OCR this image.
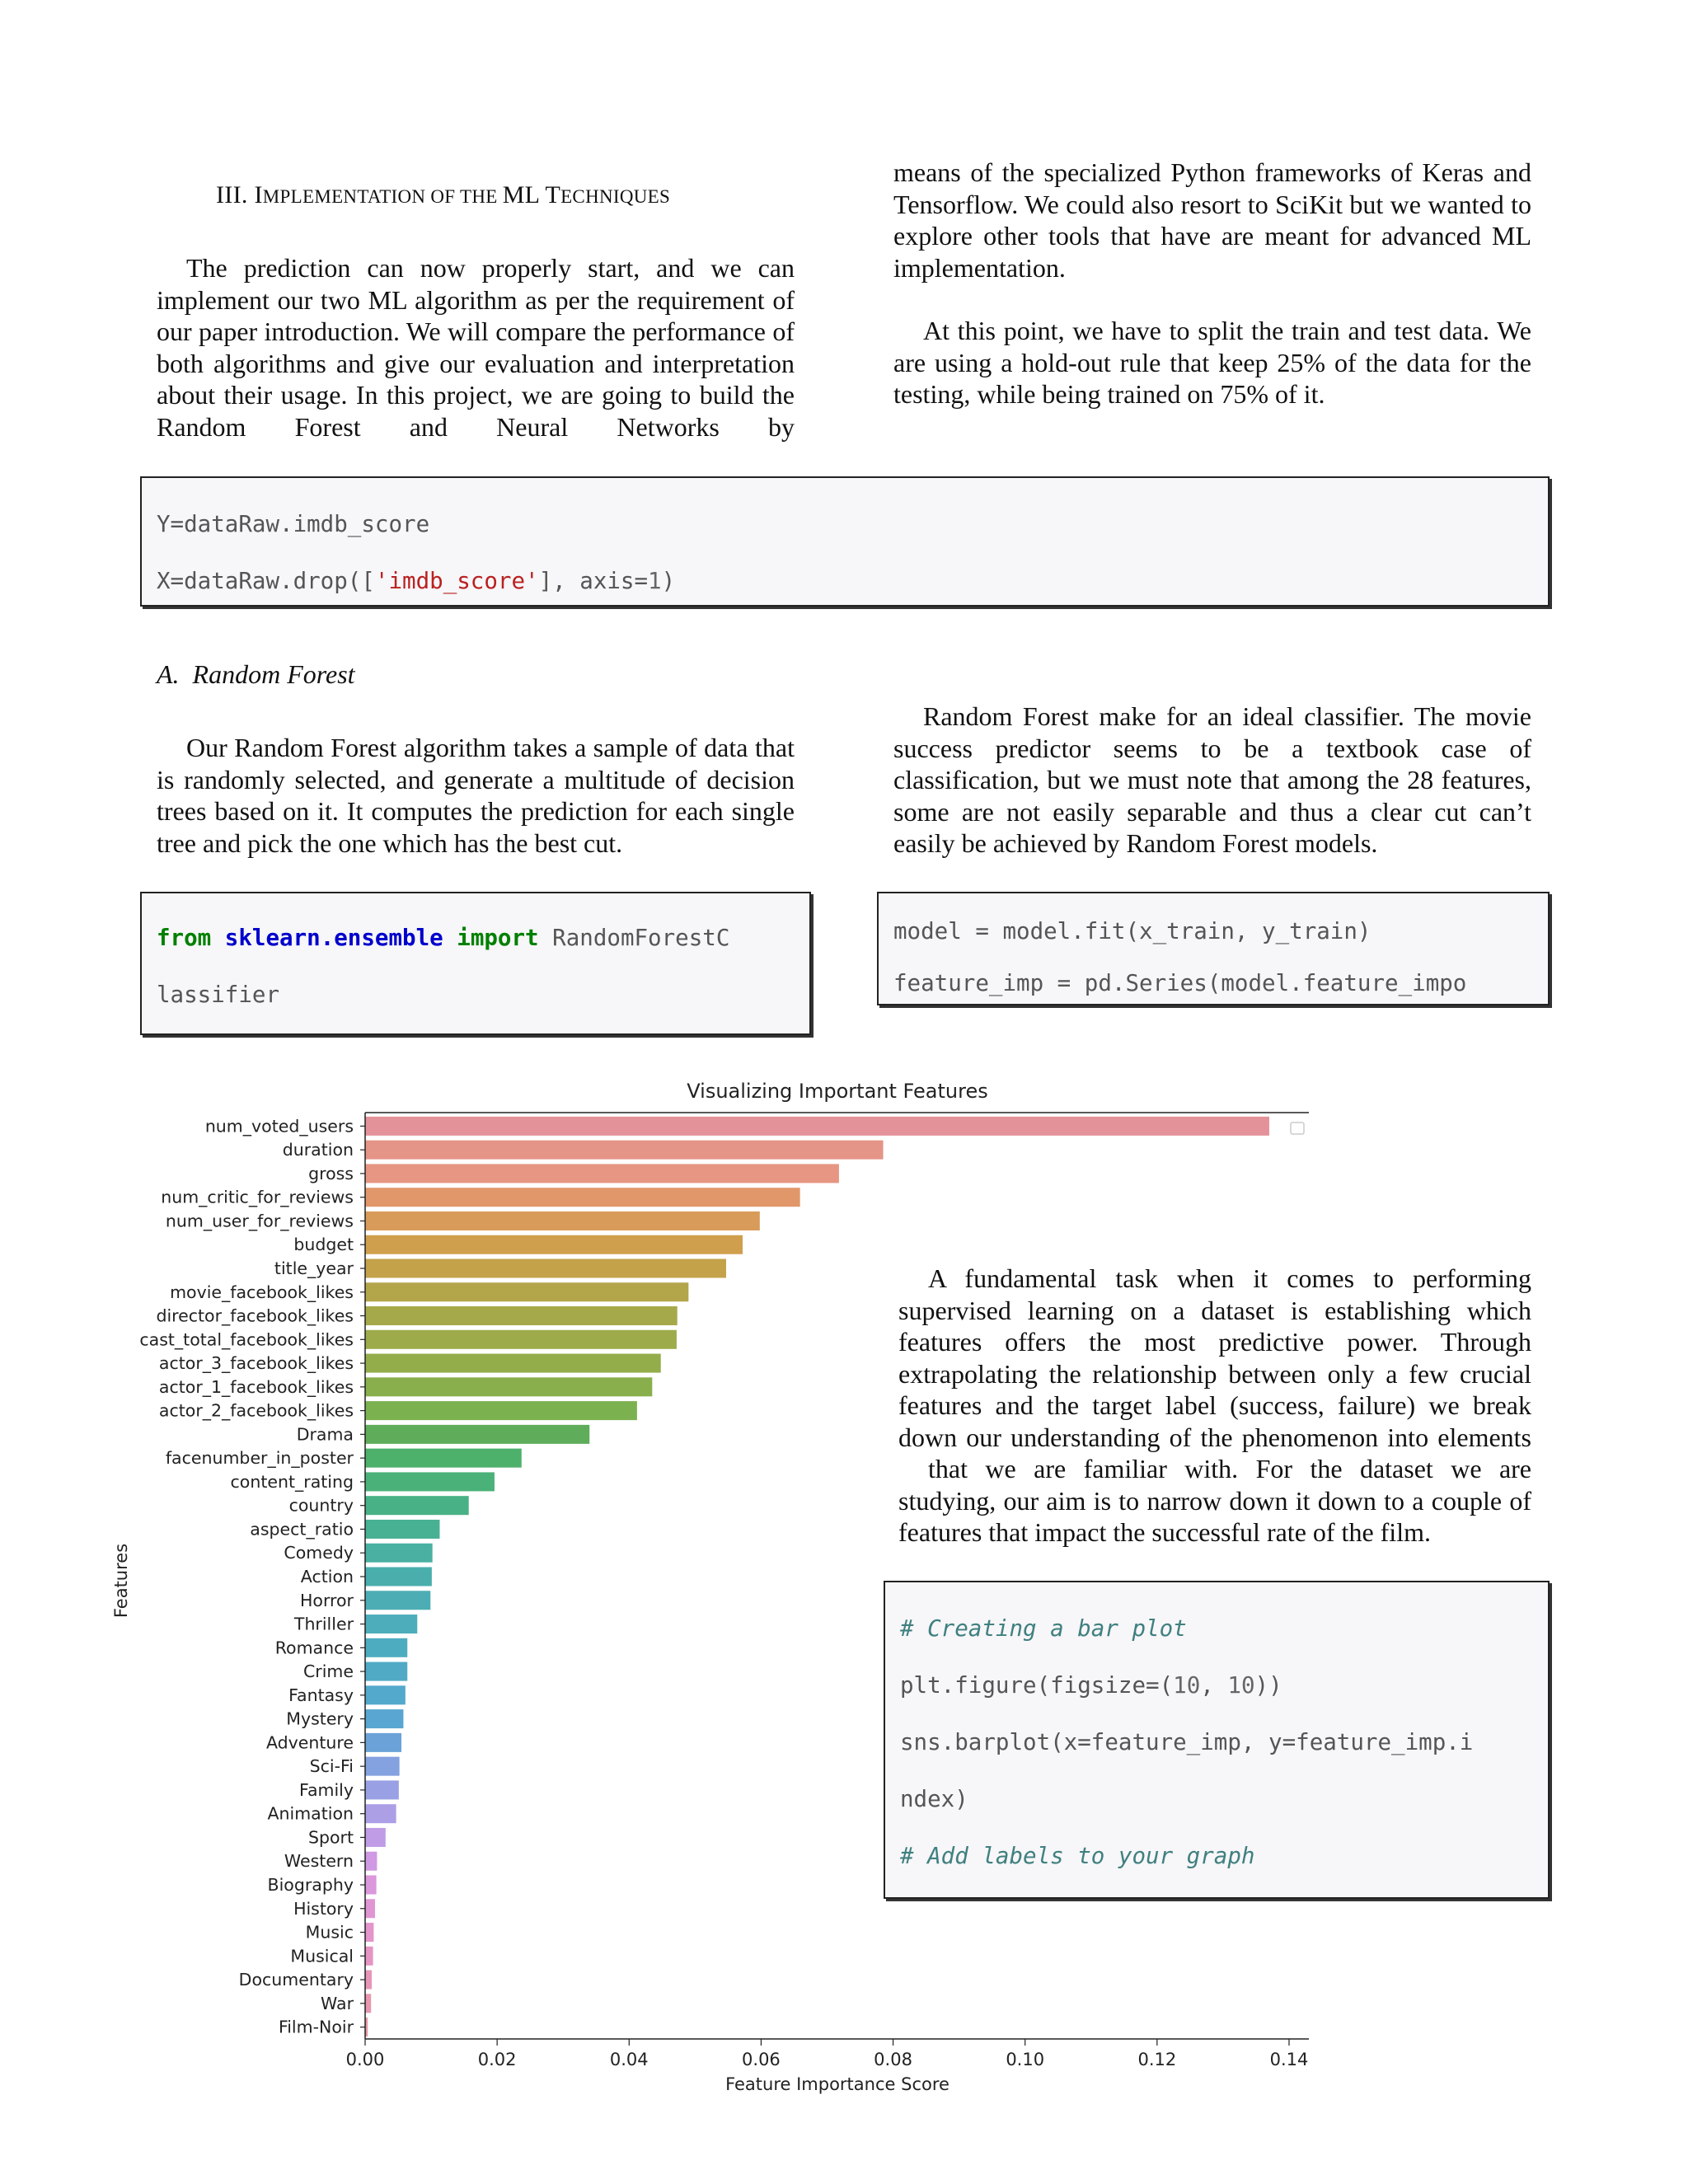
III. IMPLEMENTATION OF THE ML TECHNIQUES

The prediction can now properly start, and we can implement our two ML algorithm as per the requirement of our paper introduction. We will compare the performance of both algorithms and give our evaluation and interpretation about their usage. In this project, we are going to build the Random Forest and Neural Networks by

means of the specialized Python frameworks of Keras and Tensorflow. We could also resort to SciKit but we wanted to explore other tools that have are meant for advanced ML implementation.

At this point, we have to split the train and test data. We are using a hold-out rule that keep 25% of the data for the testing, while being trained on 75% of it.

Y=dataRaw.imdb_score

X=dataRaw.drop(['imdb_score'], axis=1)

A.  Random Forest

Our Random Forest algorithm takes a sample of data that is randomly selected, and generate a multitude of decision trees based on it. It computes the prediction for each single tree and pick the one which has the best cut.

Random Forest make for an ideal classifier. The movie success predictor seems to be a textbook case of classification, but we must note that among the 28 features, some are not easily separable and thus a clear cut can’t easily be achieved by Random Forest models.

from sklearn.ensemble import RandomForestC

lassifier

model = model.fit(x_train, y_train)

feature_imp = pd.Series(model.feature_impo

Visualizing Important Features
Features
Feature Importance Score
num_voted_users
duration
gross
num_critic_for_reviews
num_user_for_reviews
budget
title_year
movie_facebook_likes
director_facebook_likes
cast_total_facebook_likes
actor_3_facebook_likes
actor_1_facebook_likes
actor_2_facebook_likes
Drama
facenumber_in_poster
content_rating
country
aspect_ratio
Comedy
Action
Horror
Thriller
Romance
Crime
Fantasy
Mystery
Adventure
Sci-Fi
Family
Animation
Sport
Western
Biography
History
Music
Musical
Documentary
War
Film-Noir
0.00	0.02	0.04	0.06	0.08	0.10	0.12	0.14

A fundamental task when it comes to performing supervised learning on a dataset is establishing which features offers the most predictive power. Through extrapolating the relationship between only a few crucial features and the target label (success, failure) we break down our understanding of the phenomenon into elements

that we are familiar with. For the dataset we are studying, our aim is to narrow down it down to a couple of features that impact the successful rate of the film.

# Creating a bar plot

plt.figure(figsize=(10, 10))

sns.barplot(x=feature_imp, y=feature_imp.i

ndex)

# Add labels to your graph
